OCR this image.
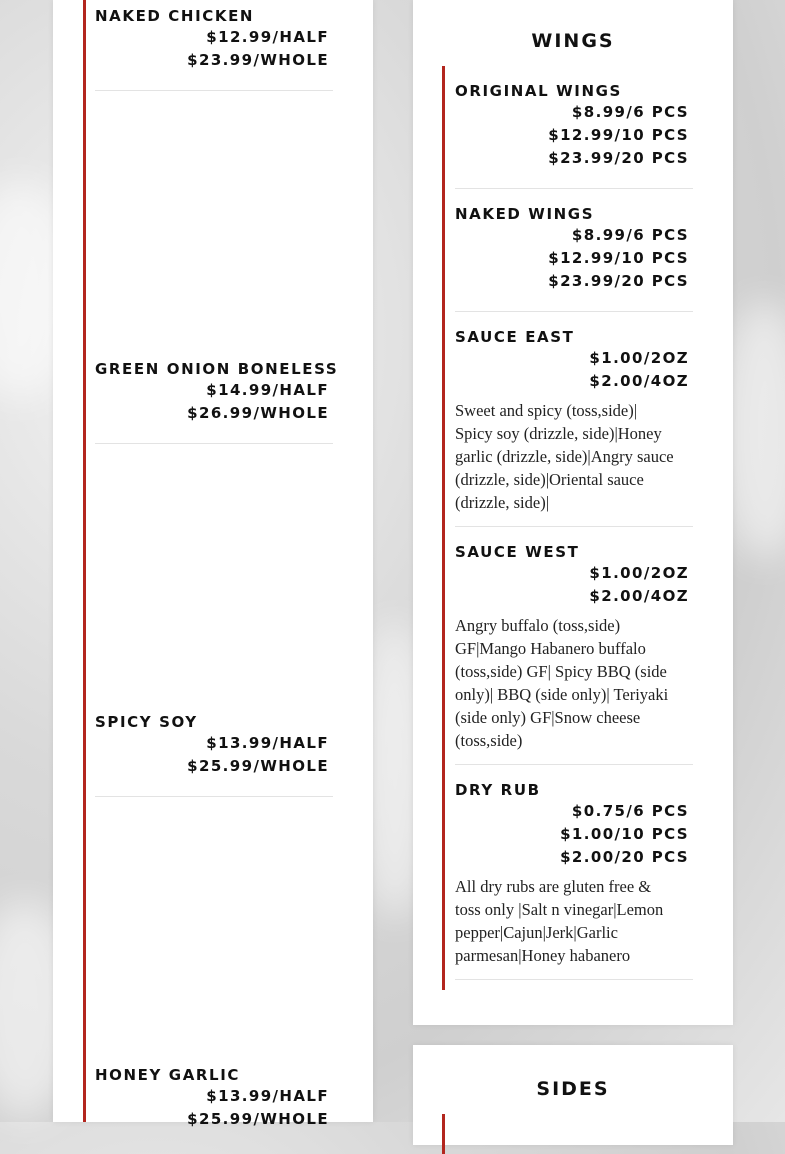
NAKED CHICKEN
$12.99/HALF
$23.99/WHOLE
GREEN ONION BONELESS
$14.99/HALF
$26.99/WHOLE
SPICY SOY
$13.99/HALF
$25.99/WHOLE
HONEY GARLIC
$13.99/HALF
$25.99/WHOLE
WINGS
ORIGINAL WINGS
$8.99/6 PCS
$12.99/10 PCS
$23.99/20 PCS
NAKED WINGS
$8.99/6 PCS
$12.99/10 PCS
$23.99/20 PCS
SAUCE EAST
$1.00/2OZ
$2.00/4OZ
Sweet and spicy (toss,side)| Spicy soy (drizzle, side)|Honey garlic (drizzle, side)|Angry sauce (drizzle, side)|Oriental sauce (drizzle, side)|
SAUCE WEST
$1.00/2OZ
$2.00/4OZ
Angry buffalo (toss,side) GF|Mango Habanero buffalo (toss,side) GF| Spicy BBQ (side only)| BBQ (side only)| Teriyaki (side only) GF|Snow cheese (toss,side)
DRY RUB
$0.75/6 PCS
$1.00/10 PCS
$2.00/20 PCS
All dry rubs are gluten free & toss only |Salt n vinegar|Lemon pepper|Cajun|Jerk|Garlic parmesan|Honey habanero
SIDES
